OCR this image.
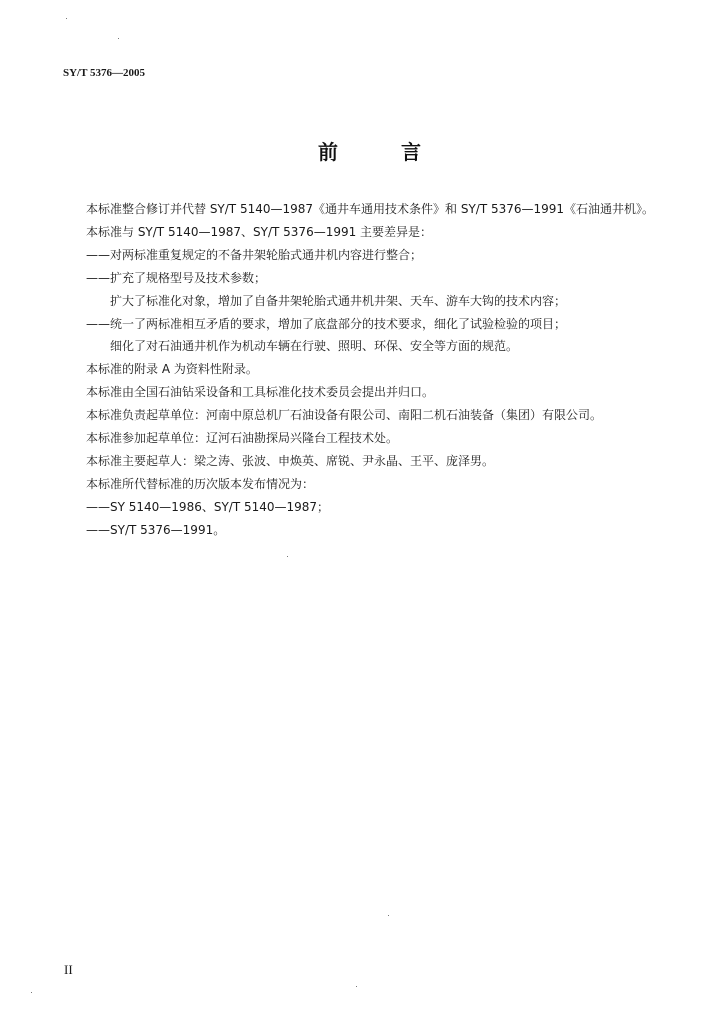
SY/T 5376—2005
前 言

本标准整合修订并代替 SY/T 5140—1987《通井车通用技术条件》和 SY/T 5376—1991《石油通井机》。

本标准与 SY/T 5140—1987、SY/T 5376—1991 主要差异是：

——对两标准重复规定的不备井架轮胎式通井机内容进行整合；

——扩充了规格型号及技术参数；

扩大了标准化对象，增加了自备井架轮胎式通井机井架、天车、游车大钩的技术内容；

——统一了两标准相互矛盾的要求，增加了底盘部分的技术要求，细化了试验检验的项目；

细化了对石油通井机作为机动车辆在行驶、照明、环保、安全等方面的规范。

本标准的附录 A 为资料性附录。

本标准由全国石油钻采设备和工具标准化技术委员会提出并归口。

本标准负责起草单位：河南中原总机厂石油设备有限公司、南阳二机石油装备（集团）有限公司。

本标准参加起草单位：辽河石油勘探局兴隆台工程技术处。

本标准主要起草人：梁之涛、张波、申焕英、席锐、尹永晶、王平、庞泽男。

本标准所代替标准的历次版本发布情况为：

——SY 5140—1986、SY/T 5140—1987；

——SY/T 5376—1991。

II
